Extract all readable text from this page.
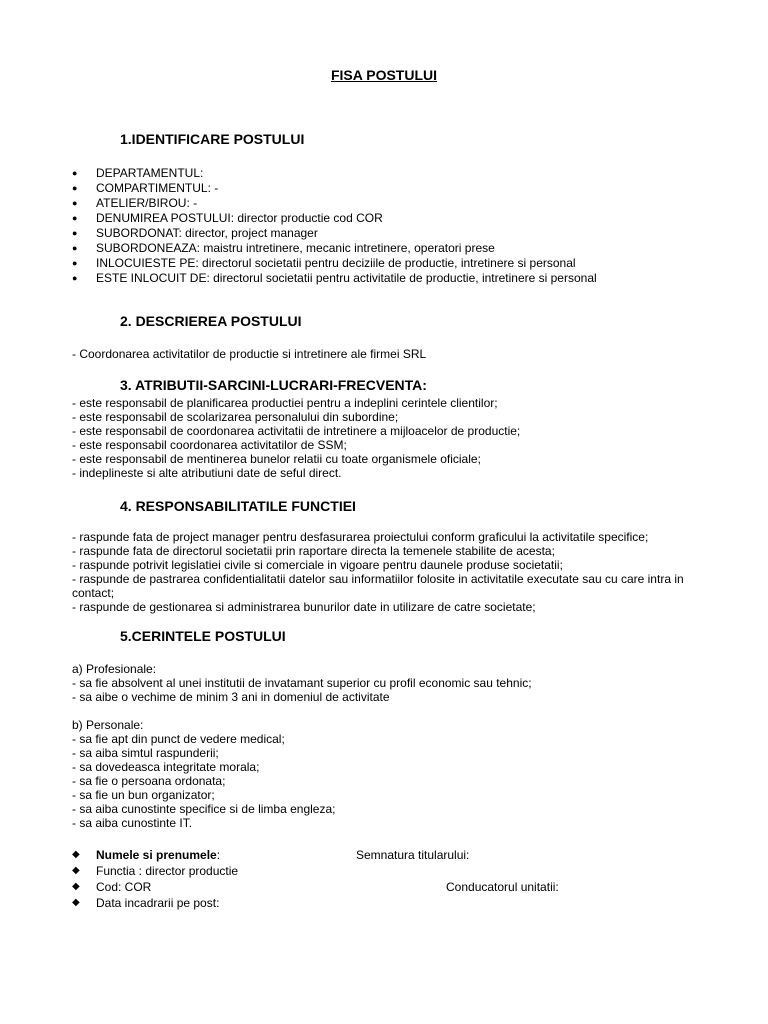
FISA POSTULUI
1.IDENTIFICARE POSTULUI
●	DEPARTAMENTUL:
●	COMPARTIMENTUL: -
●	ATELIER/BIROU: -
●	DENUMIREA POSTULUI: director productie cod COR
●	SUBORDONAT: director, project manager
●	SUBORDONEAZA: maistru intretinere, mecanic intretinere, operatori prese
●	INLOCUIESTE PE: directorul societatii pentru deciziile de productie, intretinere si personal
●	ESTE INLOCUIT DE: directorul societatii pentru activitatile de productie, intretinere si personal
2. DESCRIEREA POSTULUI
- Coordonarea activitatilor de productie si intretinere ale firmei SRL
3. ATRIBUTII-SARCINI-LUCRARI-FRECVENTA:
- este responsabil de planificarea productiei pentru a indeplini cerintele clientilor;
- este responsabil de scolarizarea personalului din subordine;
- este responsabil de coordonarea activitatii de intretinere a mijloacelor de productie;
- este responsabil coordonarea activitatilor de SSM;
- este responsabil de mentinerea bunelor relatii cu toate organismele oficiale;
- indeplineste si alte atributiuni date de seful direct.
4. RESPONSABILITATILE FUNCTIEI
- raspunde fata de project manager pentru desfasurarea proiectului conform graficului la activitatile specifice;
- raspunde fata de directorul societatii prin raportare directa la temenele stabilite de acesta;
- raspunde potrivit legislatiei civile si comerciale in vigoare pentru daunele produse societatii;
- raspunde de pastrarea confidentialitatii datelor sau informatiilor folosite in activitatile executate sau cu care intra in
contact;
- raspunde de gestionarea si administrarea bunurilor date in utilizare de catre societate;
5.CERINTELE POSTULUI
a) Profesionale:
- sa fie absolvent al unei institutii de invatamant superior cu profil economic sau tehnic;
- sa aibe o vechime de minim 3 ani in domeniul de activitate
b) Personale:
- sa fie apt din punct de vedere medical;
- sa aiba simtul raspunderii;
- sa dovedeasca integritate morala;
- sa fie o persoana ordonata;
- sa fie un bun organizator;
- sa aiba cunostinte specifice si de limba engleza;
- sa aiba cunostinte IT.
◆ Numele si prenumele:
◆ Functia : director productie
◆ Cod: COR
◆ Data incadrarii pe post:
Semnatura titularului:
Conducatorul unitatii:
